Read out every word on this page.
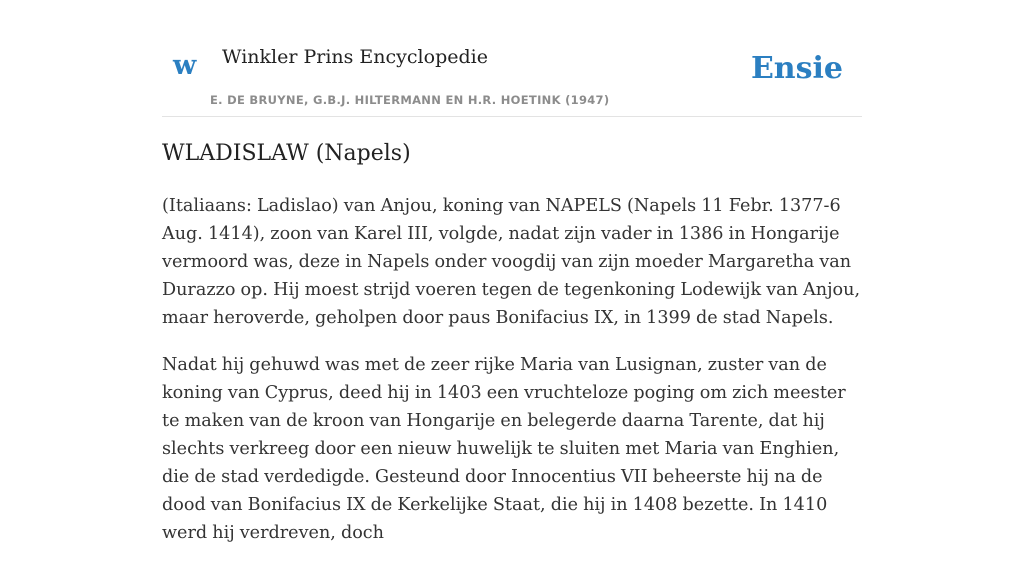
w Winkler Prins Encyclopedie
E. DE BRUYNE, G.B.J. HILTERMANN EN H.R. HOETINK (1947)
Ensie
WLADISLAW (Napels)

(Italiaans: Ladislao) van Anjou, koning van NAPELS (Napels 11 Febr. 1377-6 Aug. 1414), zoon van Karel III, volgde, nadat zijn vader in 1386 in Hongarije vermoord was, deze in Napels onder voogdij van zijn moeder Margaretha van Durazzo op. Hij moest strijd voeren tegen de tegenkoning Lodewijk van Anjou, maar heroverde, geholpen door paus Bonifacius IX, in 1399 de stad Napels.

Nadat hij gehuwd was met de zeer rijke Maria van Lusignan, zuster van de koning van Cyprus, deed hij in 1403 een vruchteloze poging om zich meester te maken van de kroon van Hongarije en belegerde daarna Tarente, dat hij slechts verkreeg door een nieuw huwelijk te sluiten met Maria van Enghien, die de stad verdedigde. Gesteund door Innocentius VII beheerste hij na de dood van Bonifacius IX de Kerkelijke Staat, die hij in 1408 bezette. In 1410 werd hij verdreven, doch
